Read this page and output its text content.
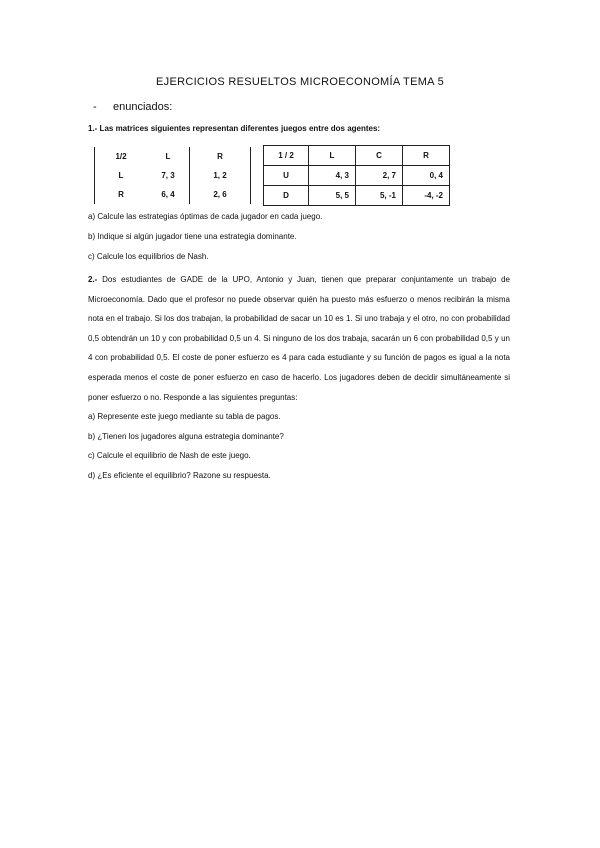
EJERCICIOS RESUELTOS MICROECONOMÍA TEMA 5
- enunciados:
1.- Las matrices siguientes representan diferentes juegos entre dos agentes:
1/2	L	R
L	7, 3	1, 2
R	6, 4	2, 6
1 / 2	L	C	R
U	4, 3	2, 7	0, 4
D	5, 5	5, -1	-4, -2
a) Calcule las estrategias óptimas de cada jugador en cada juego.
b) Indique si algún jugador tiene una estrategia dominante.
c) Calcule los equilibrios de Nash.

2.- Dos estudiantes de GADE de la UPO, Antonio y Juan, tienen que preparar conjuntamente un trabajo de Microeconomía. Dado que el profesor no puede observar quién ha puesto más esfuerzo o menos recibirán la misma nota en el trabajo. Si los dos trabajan, la probabilidad de sacar un 10 es 1. Si uno trabaja y el otro, no con probabilidad 0,5 obtendrán un 10 y con probabilidad 0,5 un 4. Si ninguno de los dos trabaja, sacarán un 6 con probabilidad 0,5 y un 4 con probabilidad 0,5. El coste de poner esfuerzo es 4 para cada estudiante y su función de pagos es igual a la nota esperada menos el coste de poner esfuerzo en caso de hacerlo. Los jugadores deben de decidir simultáneamente si poner esfuerzo o no. Responde a las siguientes preguntas:

a) Represente este juego mediante su tabla de pagos.

b) ¿Tienen los jugadores alguna estrategia dominante?

c) Calcule el equilibrio de Nash de este juego.

d) ¿Es eficiente el equilibrio? Razone su respuesta.
